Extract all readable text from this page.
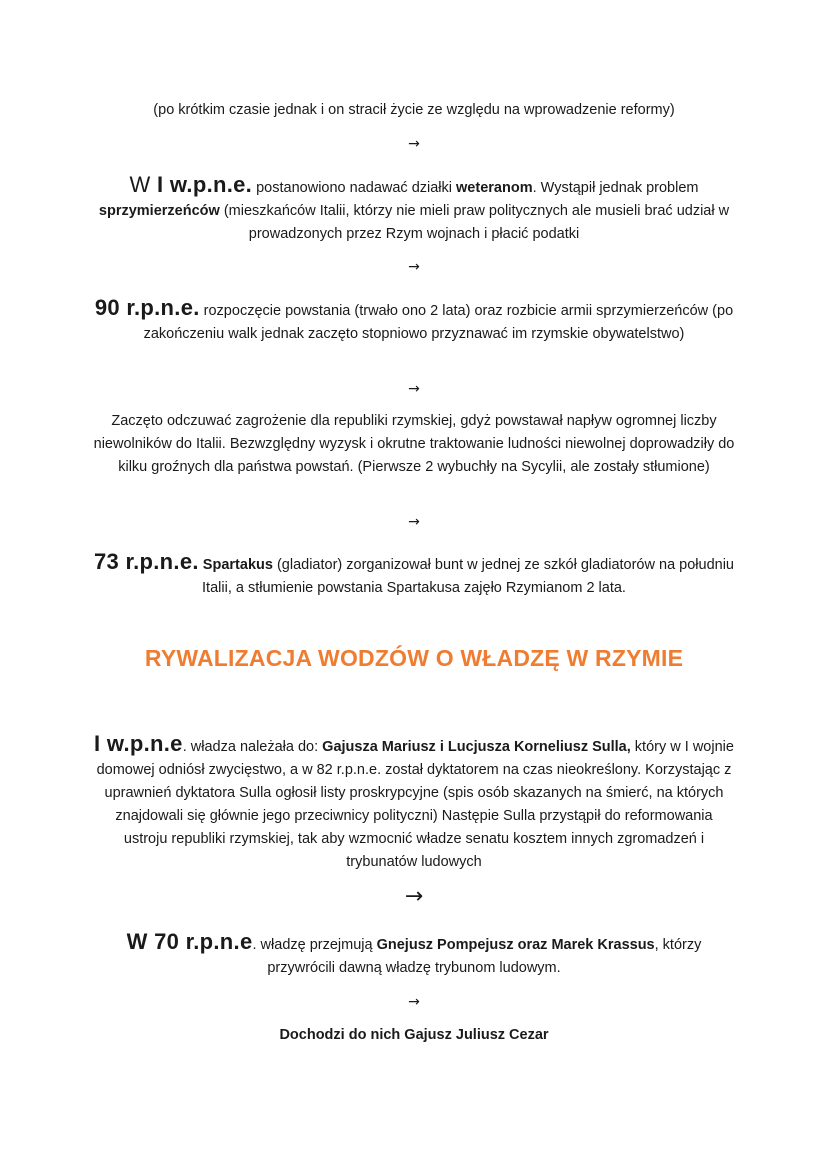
(po krótkim czasie jednak i on stracił życie ze względu na wprowadzenie reformy)
→
W I w.p.n.e. postanowiono nadawać działki weteranom. Wystąpił jednak problem sprzymierzeńców (mieszkańców Italii, którzy nie mieli praw politycznych ale musieli brać udział w prowadzonych przez Rzym wojnach i płacić podatki
→
90 r.p.n.e. rozpoczęcie powstania (trwało ono 2 lata) oraz rozbicie armii sprzymierzeńców (po zakończeniu walk jednak zaczęto stopniowo przyznawać im rzymskie obywatelstwo)
→
Zaczęto odczuwać zagrożenie dla republiki rzymskiej, gdyż powstawał napływ ogromnej liczby niewolników do Italii. Bezwzględny wyzysk i okrutne traktowanie ludności niewolnej doprowadziły do kilku groźnych dla państwa powstań. (Pierwsze 2 wybuchły na Sycylii, ale zostały stłumione)
→
73 r.p.n.e. Spartakus (gladiator) zorganizował bunt w jednej ze szkół gladiatorów na południu Italii, a stłumienie powstania Spartakusa zajęło Rzymianom 2 lata.
RYWALIZACJA WODZÓW O WŁADZĘ W RZYMIE
I w.p.n.e. władza należała do: Gajusza Mariusz i Lucjusza Korneliusz Sulla, który w I wojnie domowej odniósł zwycięstwo, a w 82 r.p.n.e. został dyktatorem na czas nieokreślony. Korzystając z uprawnień dyktatora Sulla ogłosił listy proskrypcyjne (spis osób skazanych na śmierć, na których znajdowali się głównie jego przeciwnicy polityczni) Następie Sulla przystąpił do reformowania ustroju republiki rzymskiej, tak aby wzmocnić władze senatu kosztem innych zgromadzeń i trybunatów ludowych
→
W 70 r.p.n.e. władzę przejmują Gnejusz Pompejusz oraz Marek Krassus, którzy przywrócili dawną władzę trybunom ludowym.
→
Dochodzi do nich Gajusz Juliusz Cezar
